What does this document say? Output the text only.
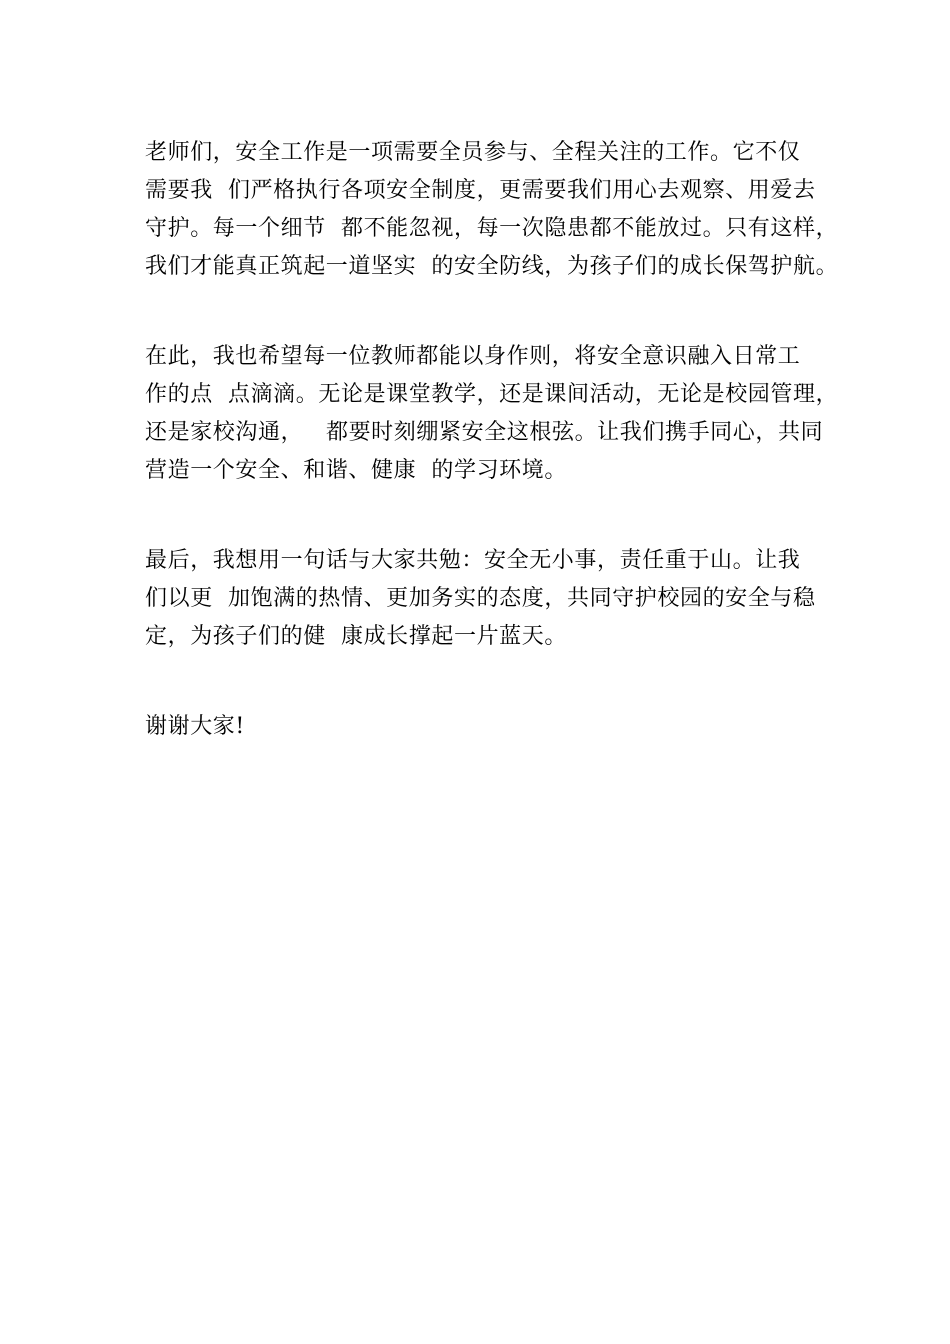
老师们，安全工作是一项需要全员参与、全程关注的工作。它不仅
需要我  们严格执行各项安全制度，更需要我们用心去观察、用爱去
守护。每一个细节  都不能忽视，每一次隐患都不能放过。只有这样，
我们才能真正筑起一道坚实  的安全防线，为孩子们的成长保驾护航。
在此，我也希望每一位教师都能以身作则，将安全意识融入日常工
作的点  点滴滴。无论是课堂教学，还是课间活动，无论是校园管理，
还是家校沟通，   都要时刻绷紧安全这根弦。让我们携手同心，共同
营造一个安全、和谐、健康  的学习环境。
最后，我想用一句话与大家共勉：安全无小事，责任重于山。让我
们以更  加饱满的热情、更加务实的态度，共同守护校园的安全与稳
定，为孩子们的健  康成长撑起一片蓝天。
谢谢大家!
